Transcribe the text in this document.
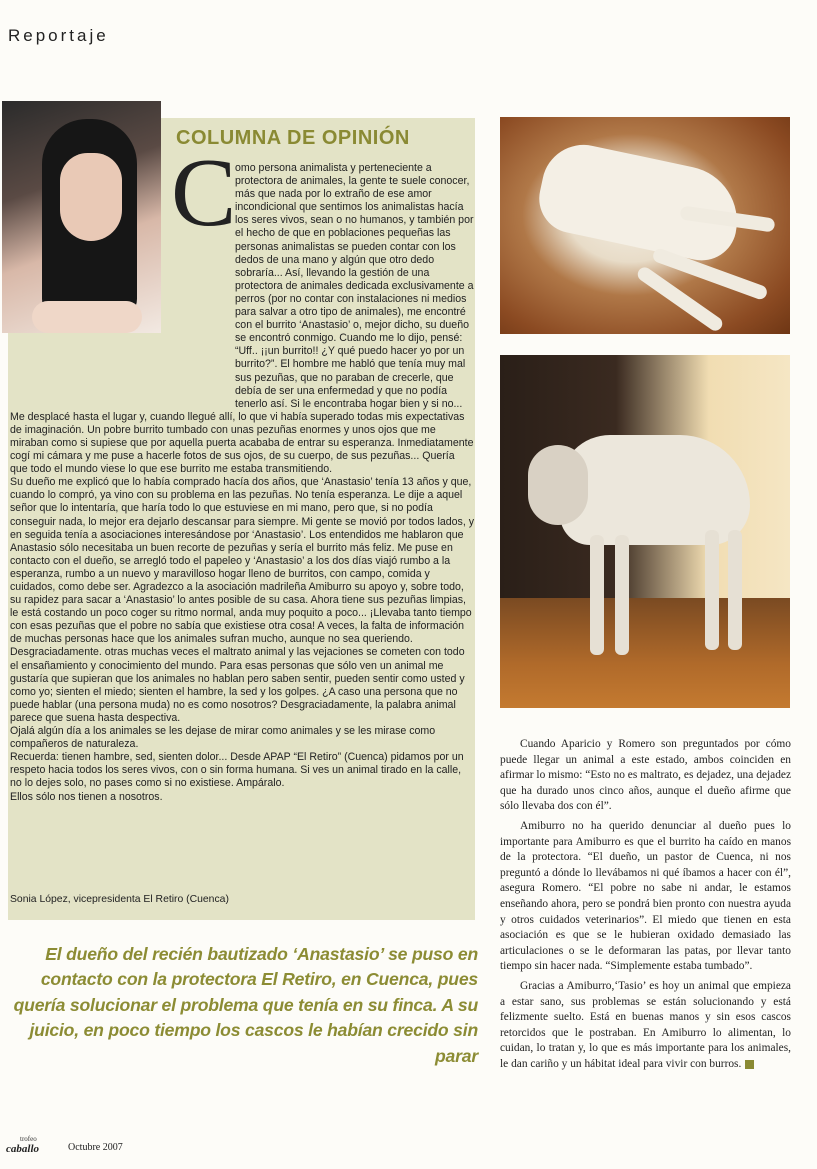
Reportaje
COLUMNA DE OPINIÓN
C

omo persona animalista y perteneciente a protectora de animales, la gente te suele conocer, más que nada por lo extraño de ese amor incondicional que sentimos los animalistas hacía los seres vivos, sean o no humanos, y también por el hecho de que en poblaciones pequeñas las personas animalistas se pueden contar con los dedos de una mano y algún que otro dedo sobraría... Así, llevando la gestión de una protectora de animales dedicada exclusivamente a perros (por no contar con instalaciones ni medios para salvar a otro tipo de animales), me encontré con el burrito ‘Anastasio’ o, mejor dicho, su dueño se encontró conmigo. Cuando me lo dijo, pensé: “Uff.. ¡¡un burrito!! ¿Y qué puedo hacer yo por un burrito?”. El hombre me habló que tenía muy mal sus pezuñas, que no paraban de crecerle, que debía de ser una enfermedad y que no podía tenerlo así. Si le encontraba hogar bien y si no... Me desplacé hasta el lugar y, cuando llegué allí, lo que vi había superado todas mis expectativas de imaginación. Un pobre burrito tumbado con unas pezuñas enormes y unos ojos que me miraban como si supiese que por aquella puerta acababa de entrar su esperanza. Inmediatamente cogí mi cámara y me puse a hacerle fotos de sus ojos, de su cuerpo, de sus pezuñas... Quería que todo el mundo viese lo que ese burrito me estaba transmitiendo.

Su dueño me explicó que lo había comprado hacía dos años, que ‘Anastasio’ tenía 13 años y que, cuando lo compró, ya vino con su problema en las pezuñas. No tenía esperanza. Le dije a aquel señor que lo intentaría, que haría todo lo que estuviese en mi mano, pero que, si no podía conseguir nada, lo mejor era dejarlo descansar para siempre. Mi gente se movió por todos lados, y en seguida tenía a asociaciones interesándose por ‘Anastasio’. Los entendidos me hablaron que Anastasio sólo necesitaba un buen recorte de pezuñas y sería el burrito más feliz. Me puse en contacto con el dueño, se arregló todo el papeleo y ‘Anastasio’ a los dos días viajó rumbo a la esperanza, rumbo a un nuevo y maravilloso hogar lleno de burritos, con campo, comida y cuidados, como debe ser. Agradezco a la asociación madrileña Amiburro su apoyo y, sobre todo, su rapidez para sacar a ‘Anastasio’ lo antes posible de su casa. Ahora tiene sus pezuñas limpias, le está costando un poco coger su ritmo normal, anda muy poquito a poco... ¡Llevaba tanto tiempo con esas pezuñas que el pobre no sabía que existiese otra cosa! A veces, la falta de información de muchas personas hace que los animales sufran mucho, aunque no sea queriendo. Desgraciadamente. otras muchas veces el maltrato animal y las vejaciones se cometen con todo el ensañamiento y conocimiento del mundo. Para esas personas que sólo ven un animal me gustaría que supieran que los animales no hablan pero saben sentir, pueden sentir como usted y como yo; sienten el miedo; sienten el hambre, la sed y los golpes. ¿A caso una persona que no puede hablar (una persona muda) no es como nosotros? Desgraciadamente, la palabra animal parece que suena hasta despectiva.

Ojalá algún día a los animales se les dejase de mirar como animales y se les mirase como compañeros de naturaleza.

Recuerda: tienen hambre, sed, sienten dolor... Desde APAP “El Retiro” (Cuenca) pidamos por un respeto hacia todos los seres vivos, con o sin forma humana. Si ves un animal tirado en la calle, no lo dejes solo, no pases como si no existiese. Ampáralo.

Ellos sólo nos tienen a nosotros.

Sonia López, vicepresidenta El Retiro (Cuenca)
El dueño del recién bautizado ‘Anastasio’ se puso en contacto con la protectora El Retiro, en Cuenca, pues quería solucionar el problema que tenía en su finca. A su juicio, en poco tiempo los cascos le habían crecido sin parar

Cuando Aparicio y Romero son preguntados por cómo puede llegar un animal a este estado, ambos coinciden en afirmar lo mismo: “Esto no es maltrato, es dejadez, una dejadez que ha durado unos cinco años, aunque el dueño afirme que sólo llevaba dos con él”.

Amiburro no ha querido denunciar al dueño pues lo importante para Amiburro es que el burrito ha caído en manos de la protectora. “El dueño, un pastor de Cuenca, ni nos preguntó a dónde lo llevábamos ni qué íbamos a hacer con él”, asegura Romero. “El pobre no sabe ni andar, le estamos enseñando ahora, pero se pondrá bien pronto con nuestra ayuda y otros cuidados veterinarios”. El miedo que tienen en esta asociación es que se le hubieran oxidado demasiado las articulaciones o se le deformaran las patas, por llevar tanto tiempo sin hacer nada. “Simplemente estaba tumbado”.

Gracias a Amiburro,‘Tasio’ es hoy un animal que empieza a estar sano, sus problemas se están solucionando y está felizmente suelto. Está en buenas manos y sin esos cascos retorcidos que le postraban. En Amiburro lo alimentan, lo cuidan, lo tratan y, lo que es más importante para los animales, le dan cariño y un hábitat ideal para vivir con burros.

trofeo
caballo	Octubre 2007
